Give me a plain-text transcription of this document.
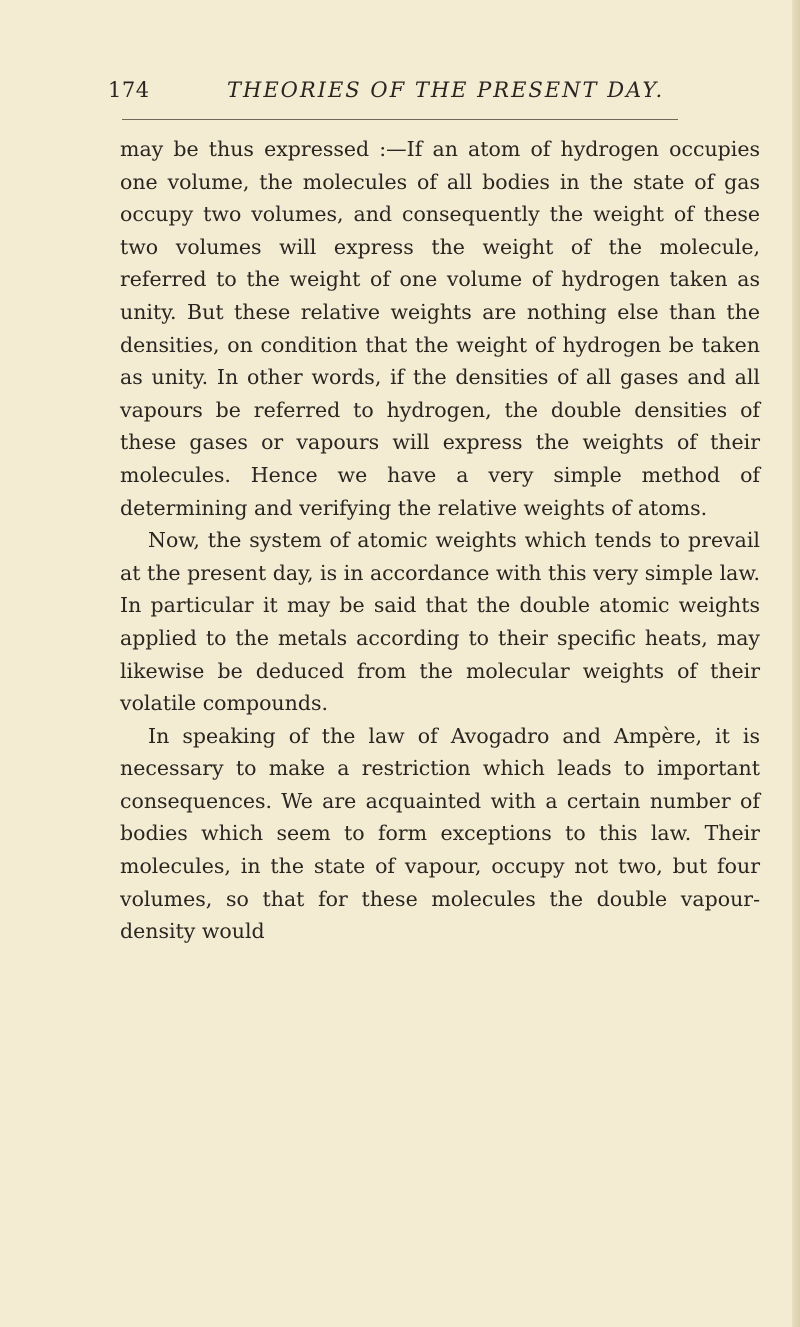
174	THEORIES OF THE PRESENT DAY.

may be thus expressed :—If an atom of hydrogen occupies one volume, the molecules of all bodies in the state of gas occupy two volumes, and consequently the weight of these two volumes will express the weight of the molecule, referred to the weight of one volume of hydrogen taken as unity. But these relative weights are nothing else than the densities, on condition that the weight of hydrogen be taken as unity. In other words, if the densities of all gases and all vapours be referred to hydrogen, the double densities of these gases or vapours will express the weights of their molecules. Hence we have a very simple method of determining and verifying the relative weights of atoms.

Now, the system of atomic weights which tends to prevail at the present day, is in accordance with this very simple law. In particular it may be said that the double atomic weights applied to the metals according to their specific heats, may likewise be deduced from the molecular weights of their volatile compounds.

In speaking of the law of Avogadro and Ampère, it is necessary to make a restriction which leads to important consequences. We are acquainted with a certain number of bodies which seem to form exceptions to this law. Their molecules, in the state of vapour, occupy not two, but four volumes, so that for these molecules the double vapour-density would
